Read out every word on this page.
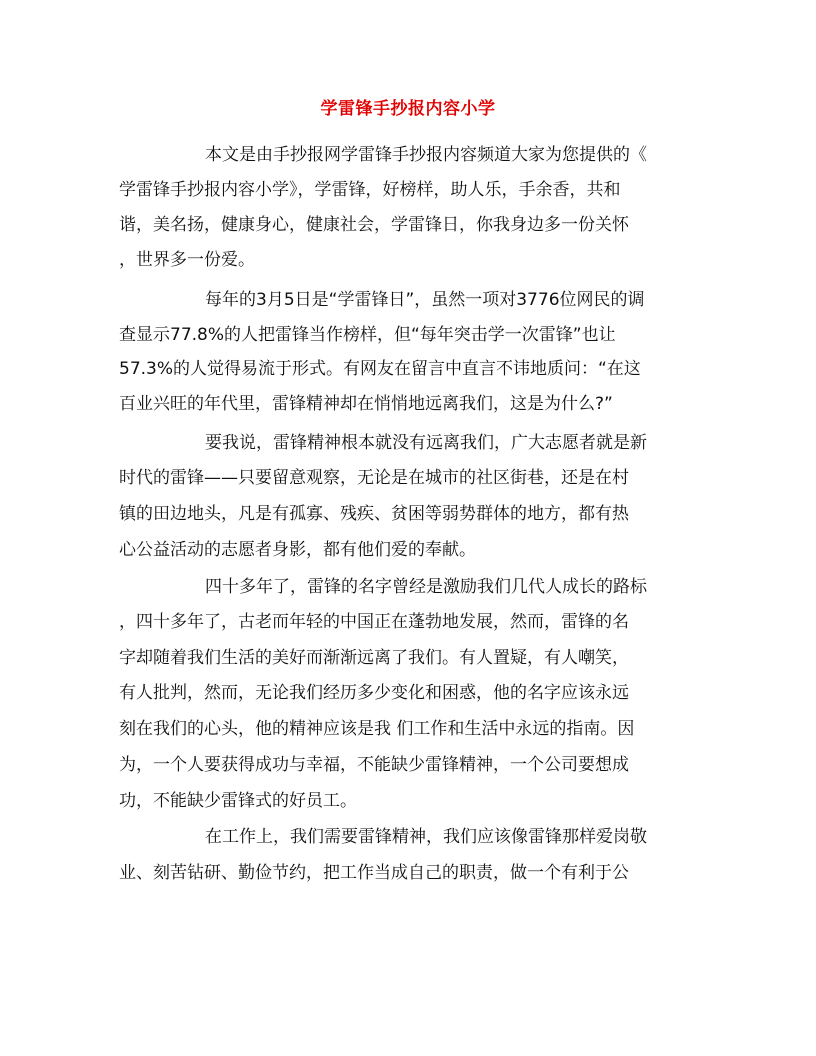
学雷锋手抄报内容小学
本文是由手抄报网学雷锋手抄报内容频道大家为您提供的《
学雷锋手抄报内容小学》，学雷锋，好榜样，助人乐，手余香，共和
谐，美名扬，健康身心，健康社会，学雷锋日，你我身边多一份关怀
，世界多一份爱。
每年的3月5日是“学雷锋日”，虽然一项对3776位网民的调
查显示77.8%的人把雷锋当作榜样，但“每年突击学一次雷锋”也让
57.3%的人觉得易流于形式。有网友在留言中直言不讳地质问：“在这
百业兴旺的年代里，雷锋精神却在悄悄地远离我们，这是为什么?”
要我说，雷锋精神根本就没有远离我们，广大志愿者就是新
时代的雷锋——只要留意观察，无论是在城市的社区街巷，还是在村
镇的田边地头，凡是有孤寡、残疾、贫困等弱势群体的地方，都有热
心公益活动的志愿者身影，都有他们爱的奉献。
四十多年了，雷锋的名字曾经是激励我们几代人成长的路标
，四十多年了，古老而年轻的中国正在蓬勃地发展，然而，雷锋的名
字却随着我们生活的美好而渐渐远离了我们。有人置疑，有人嘲笑，
有人批判，然而，无论我们经历多少变化和困惑，他的名字应该永远
刻在我们的心头，他的精神应该是我 们工作和生活中永远的指南。因
为，一个人要获得成功与幸福，不能缺少雷锋精神，一个公司要想成
功，不能缺少雷锋式的好员工。
在工作上，我们需要雷锋精神，我们应该像雷锋那样爱岗敬
业、刻苦钻研、勤俭节约，把工作当成自己的职责，做一个有利于公
